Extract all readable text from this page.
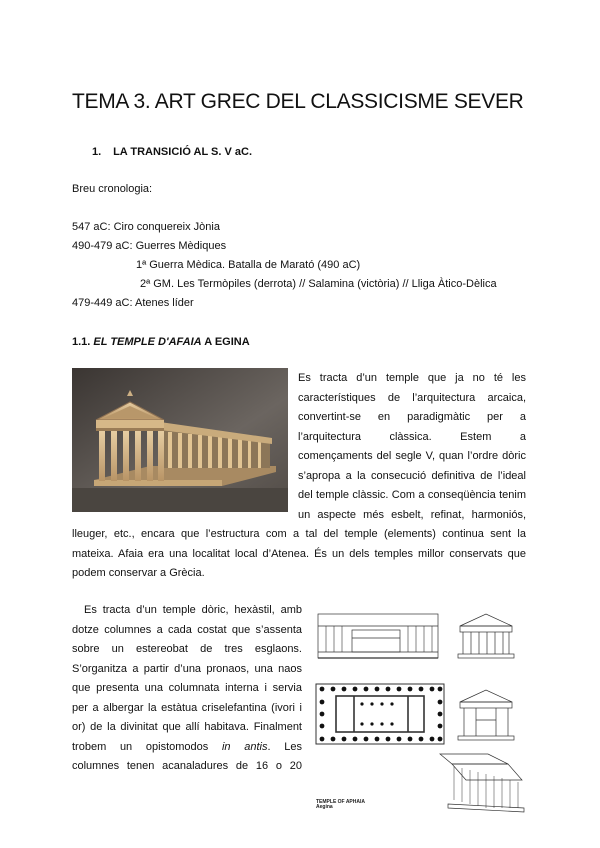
TEMA 3. ART GREC DEL CLASSICISME SEVER
1. LA TRANSICIÓ AL S. V aC.
Breu cronologia:
547 aC: Ciro conquereix Jònia
490-479 aC: Guerres Mèdiques
1ª Guerra Mèdica. Batalla de Marató (490 aC)
2ª GM. Les Termòpiles (derrota) // Salamina (victòria) // Lliga Àtico-Dèlica
479-449 aC: Atenes líder
1.1. EL TEMPLE D'AFAIA A EGINA
Es tracta d’un temple que ja no té les
característiques de l’arquitectura arcaica,
convertint-se en paradigmàtic per a
l’arquitectura clàssica. Estem a
començaments del segle V, quan l’ordre dòric
s’apropa a la consecució definitiva de l’ideal
del temple clàssic. Com a conseqüència tenim
un aspecte més esbelt, refinat, harmoniós,
lleuger, etc., encara que l’estructura com a tal del temple (elements) continua sent la
mateixa. Afaia era una localitat local d’Atenea. És un dels temples millor conservats que
podem conservar a Grècia.
Es tracta d’un temple dòric, hexàstil, amb
dotze columnes a cada costat que s’assenta
sobre un estereobat de tres esglaons.
S’organitza a partir d’una pronaos, una naos
que presenta una columnata interna i servia
per a albergar la estàtua criselefantina (ivori i
or) de la divinitat que allí habitava. Finalment
trobem un opistomodos in antis. Les
columnes tenen acanaladures de 16 o 20
TEMPLE OF APHAIA
Aegina
